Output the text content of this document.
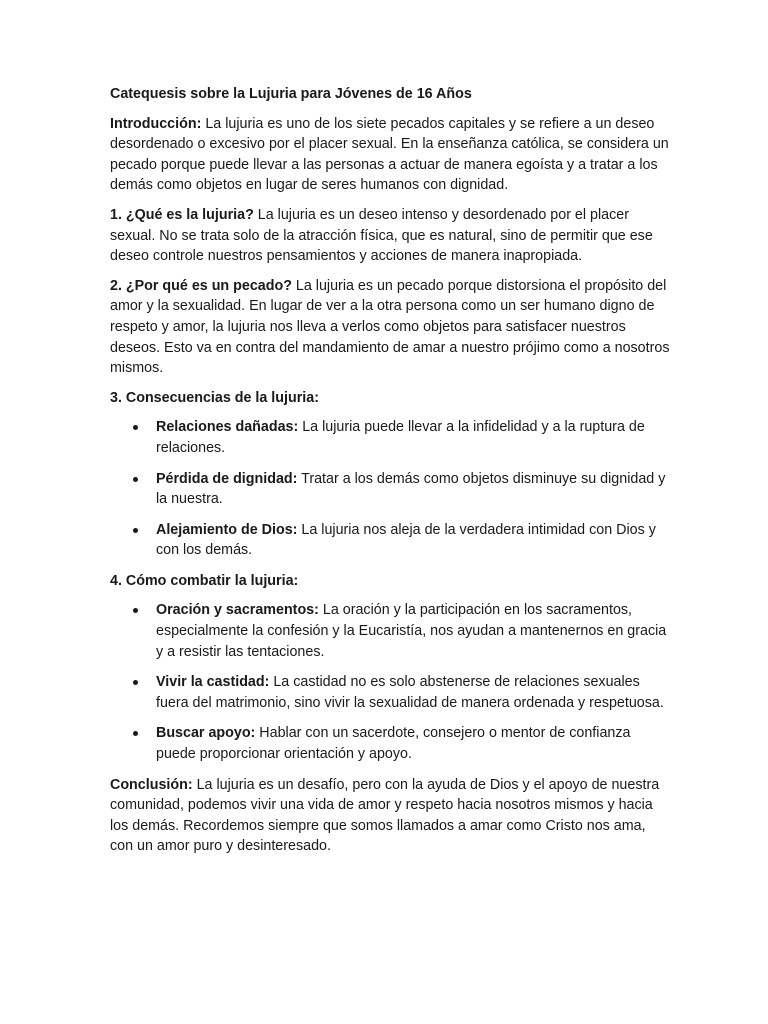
Catequesis sobre la Lujuria para Jóvenes de 16 Años

Introducción: La lujuria es uno de los siete pecados capitales y se refiere a un deseo desordenado o excesivo por el placer sexual. En la enseñanza católica, se considera un pecado porque puede llevar a las personas a actuar de manera egoísta y a tratar a los demás como objetos en lugar de seres humanos con dignidad.

1. ¿Qué es la lujuria? La lujuria es un deseo intenso y desordenado por el placer sexual. No se trata solo de la atracción física, que es natural, sino de permitir que ese deseo controle nuestros pensamientos y acciones de manera inapropiada.

2. ¿Por qué es un pecado? La lujuria es un pecado porque distorsiona el propósito del amor y la sexualidad. En lugar de ver a la otra persona como un ser humano digno de respeto y amor, la lujuria nos lleva a verlos como objetos para satisfacer nuestros deseos. Esto va en contra del mandamiento de amar a nuestro prójimo como a nosotros mismos.

3. Consecuencias de la lujuria:
Relaciones dañadas: La lujuria puede llevar a la infidelidad y a la ruptura de relaciones.
Pérdida de dignidad: Tratar a los demás como objetos disminuye su dignidad y la nuestra.
Alejamiento de Dios: La lujuria nos aleja de la verdadera intimidad con Dios y con los demás.
4. Cómo combatir la lujuria:
Oración y sacramentos: La oración y la participación en los sacramentos, especialmente la confesión y la Eucaristía, nos ayudan a mantenernos en gracia y a resistir las tentaciones.
Vivir la castidad: La castidad no es solo abstenerse de relaciones sexuales fuera del matrimonio, sino vivir la sexualidad de manera ordenada y respetuosa.
Buscar apoyo: Hablar con un sacerdote, consejero o mentor de confianza puede proporcionar orientación y apoyo.

Conclusión: La lujuria es un desafío, pero con la ayuda de Dios y el apoyo de nuestra comunidad, podemos vivir una vida de amor y respeto hacia nosotros mismos y hacia los demás. Recordemos siempre que somos llamados a amar como Cristo nos ama, con un amor puro y desinteresado.
